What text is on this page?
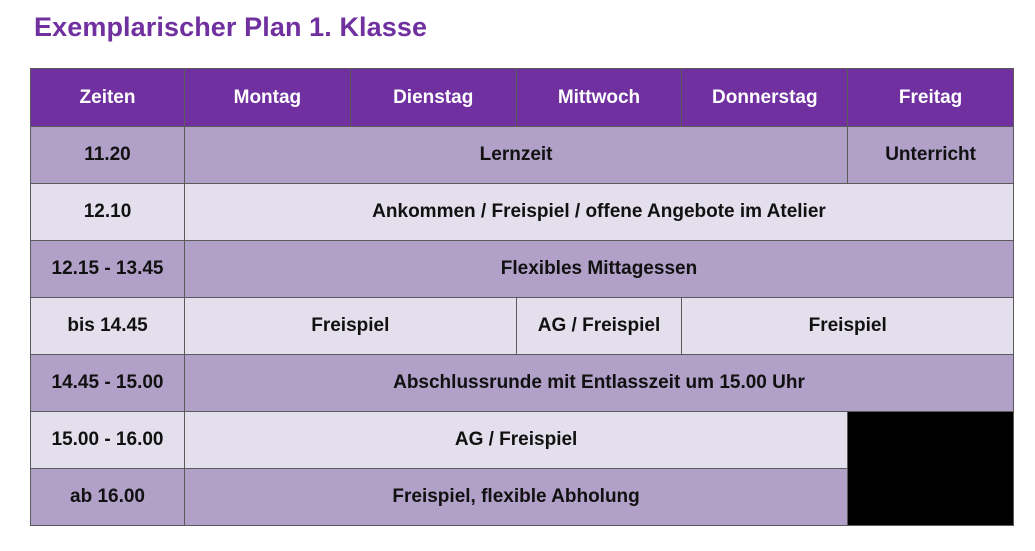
Exemplarischer Plan 1. Klasse
Zeiten	Montag	Dienstag	Mittwoch	Donnerstag	Freitag
11.20	Lernzeit				Unterricht
12.10	Ankommen / Freispiel / offene Angebote im Atelier				
12.15 - 13.45	Flexibles Mittagessen				
bis 14.45	Freispiel		AG / Freispiel	Freispiel	
14.45 - 15.00	Abschlussrunde mit Entlasszeit um 15.00 Uhr				
15.00 - 16.00	AG / Freispiel				
ab 16.00	Freispiel, flexible Abholung				
